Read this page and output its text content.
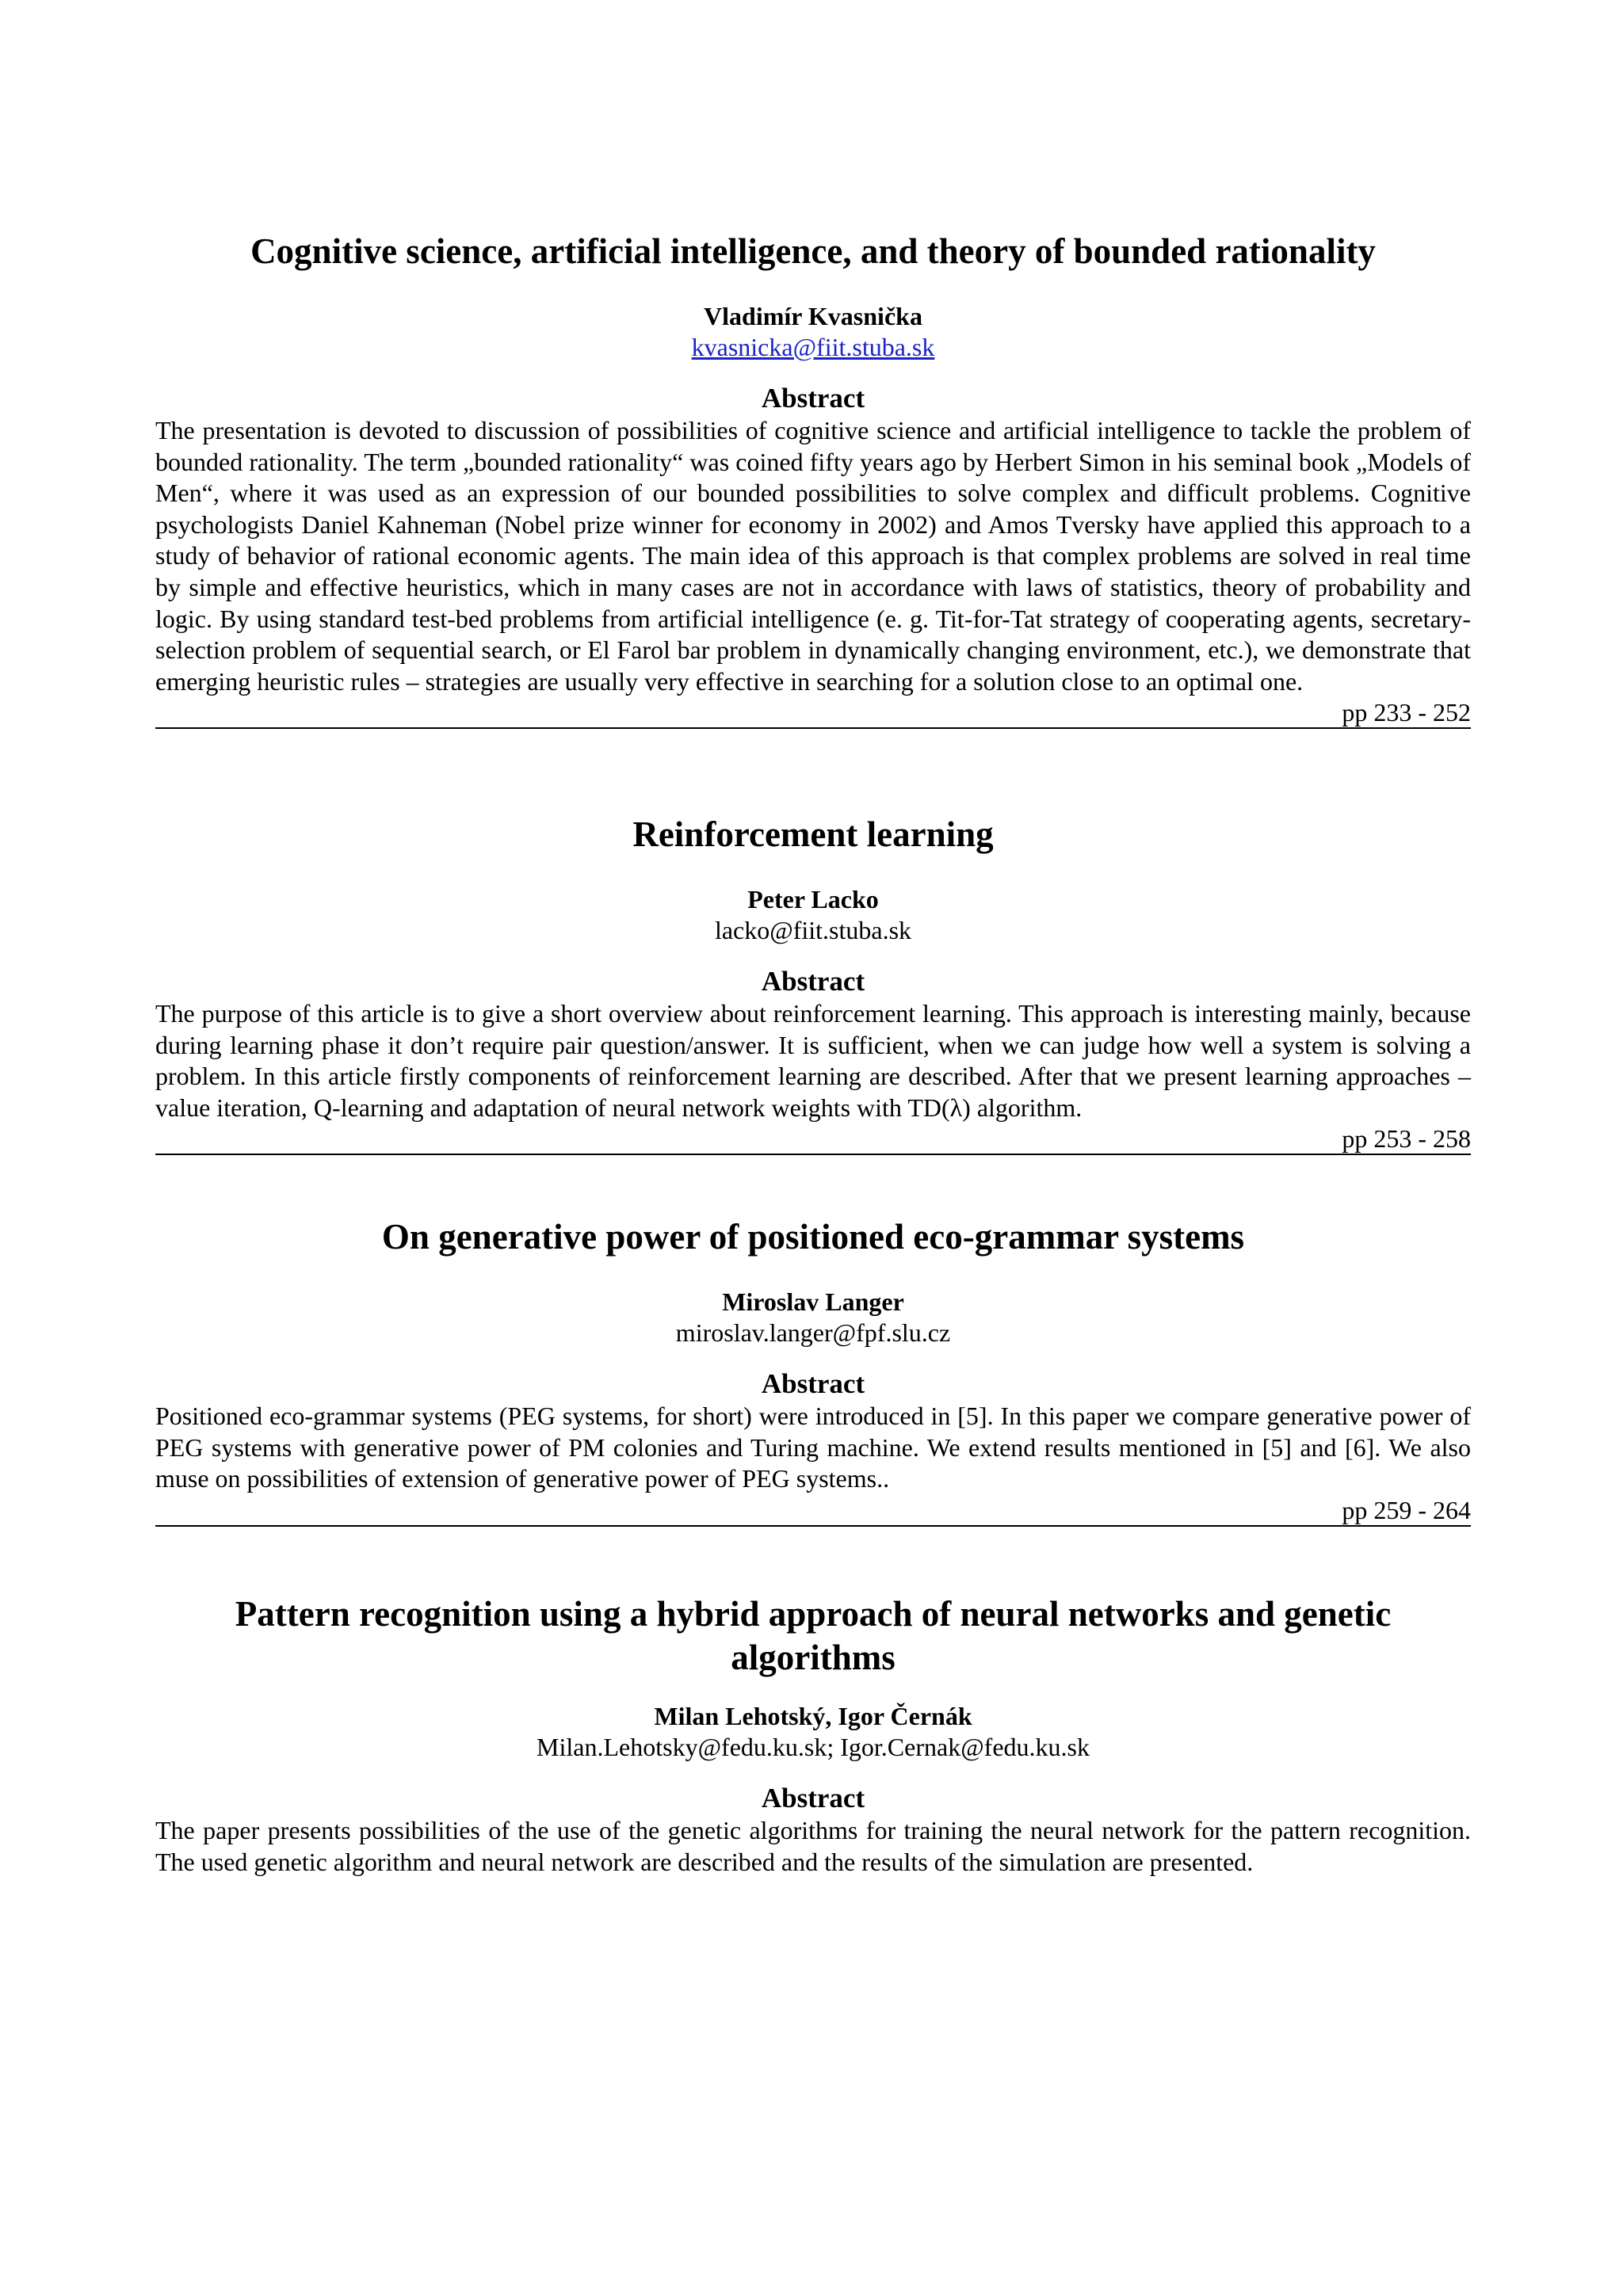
Cognitive science, artificial intelligence, and theory of bounded rationality
Vladimír Kvasnička
kvasnicka@fiit.stuba.sk
Abstract
The presentation is devoted to discussion of possibilities of cognitive science and artificial intelligence to tackle the problem of bounded rationality. The term „bounded rationality“ was coined fifty years ago by Herbert Simon in his seminal book „Models of Men“, where it was used as an expression of our bounded possibilities to solve complex and difficult problems. Cognitive psychologists Daniel Kahneman (Nobel prize winner for economy in 2002) and Amos Tversky have applied this approach to a study of behavior of rational economic agents. The main idea of this approach is that complex problems are solved in real time by simple and effective heuristics, which in many cases are not in accordance with laws of statistics, theory of probability and logic. By using standard test-bed problems from artificial intelligence (e. g. Tit-for-Tat strategy of cooperating agents, secretary-selection problem of sequential search, or El Farol bar problem in dynamically changing environment, etc.), we demonstrate that emerging heuristic rules – strategies are usually very effective in searching for a solution close to an optimal one.
pp 233 - 252
Reinforcement learning
Peter Lacko
lacko@fiit.stuba.sk
Abstract
The purpose of this article is to give a short overview about reinforcement learning. This approach is interesting mainly, because during learning phase it don’t require pair question/answer. It is sufficient, when we can judge how well a system is solving a problem. In this article firstly components of reinforcement learning are described. After that we present learning approaches – value iteration, Q-learning and adaptation of neural network weights with TD(λ) algorithm.
pp 253 - 258
On generative power of positioned eco-grammar systems
Miroslav Langer
miroslav.langer@fpf.slu.cz
Abstract
Positioned eco-grammar systems (PEG systems, for short) were introduced in [5]. In this paper we compare generative power of PEG systems with generative power of PM colonies and Turing machine. We extend results mentioned in [5] and [6]. We also muse on possibilities of extension of generative power of PEG systems..
pp 259 - 264
Pattern recognition using a hybrid approach of neural networks and genetic algorithms
Milan Lehotský, Igor Černák
Milan.Lehotsky@fedu.ku.sk; Igor.Cernak@fedu.ku.sk
Abstract
The paper presents possibilities of the use of the genetic algorithms for training the neural network for the pattern recognition. The used genetic algorithm and neural network are described and the results of the simulation are presented.
